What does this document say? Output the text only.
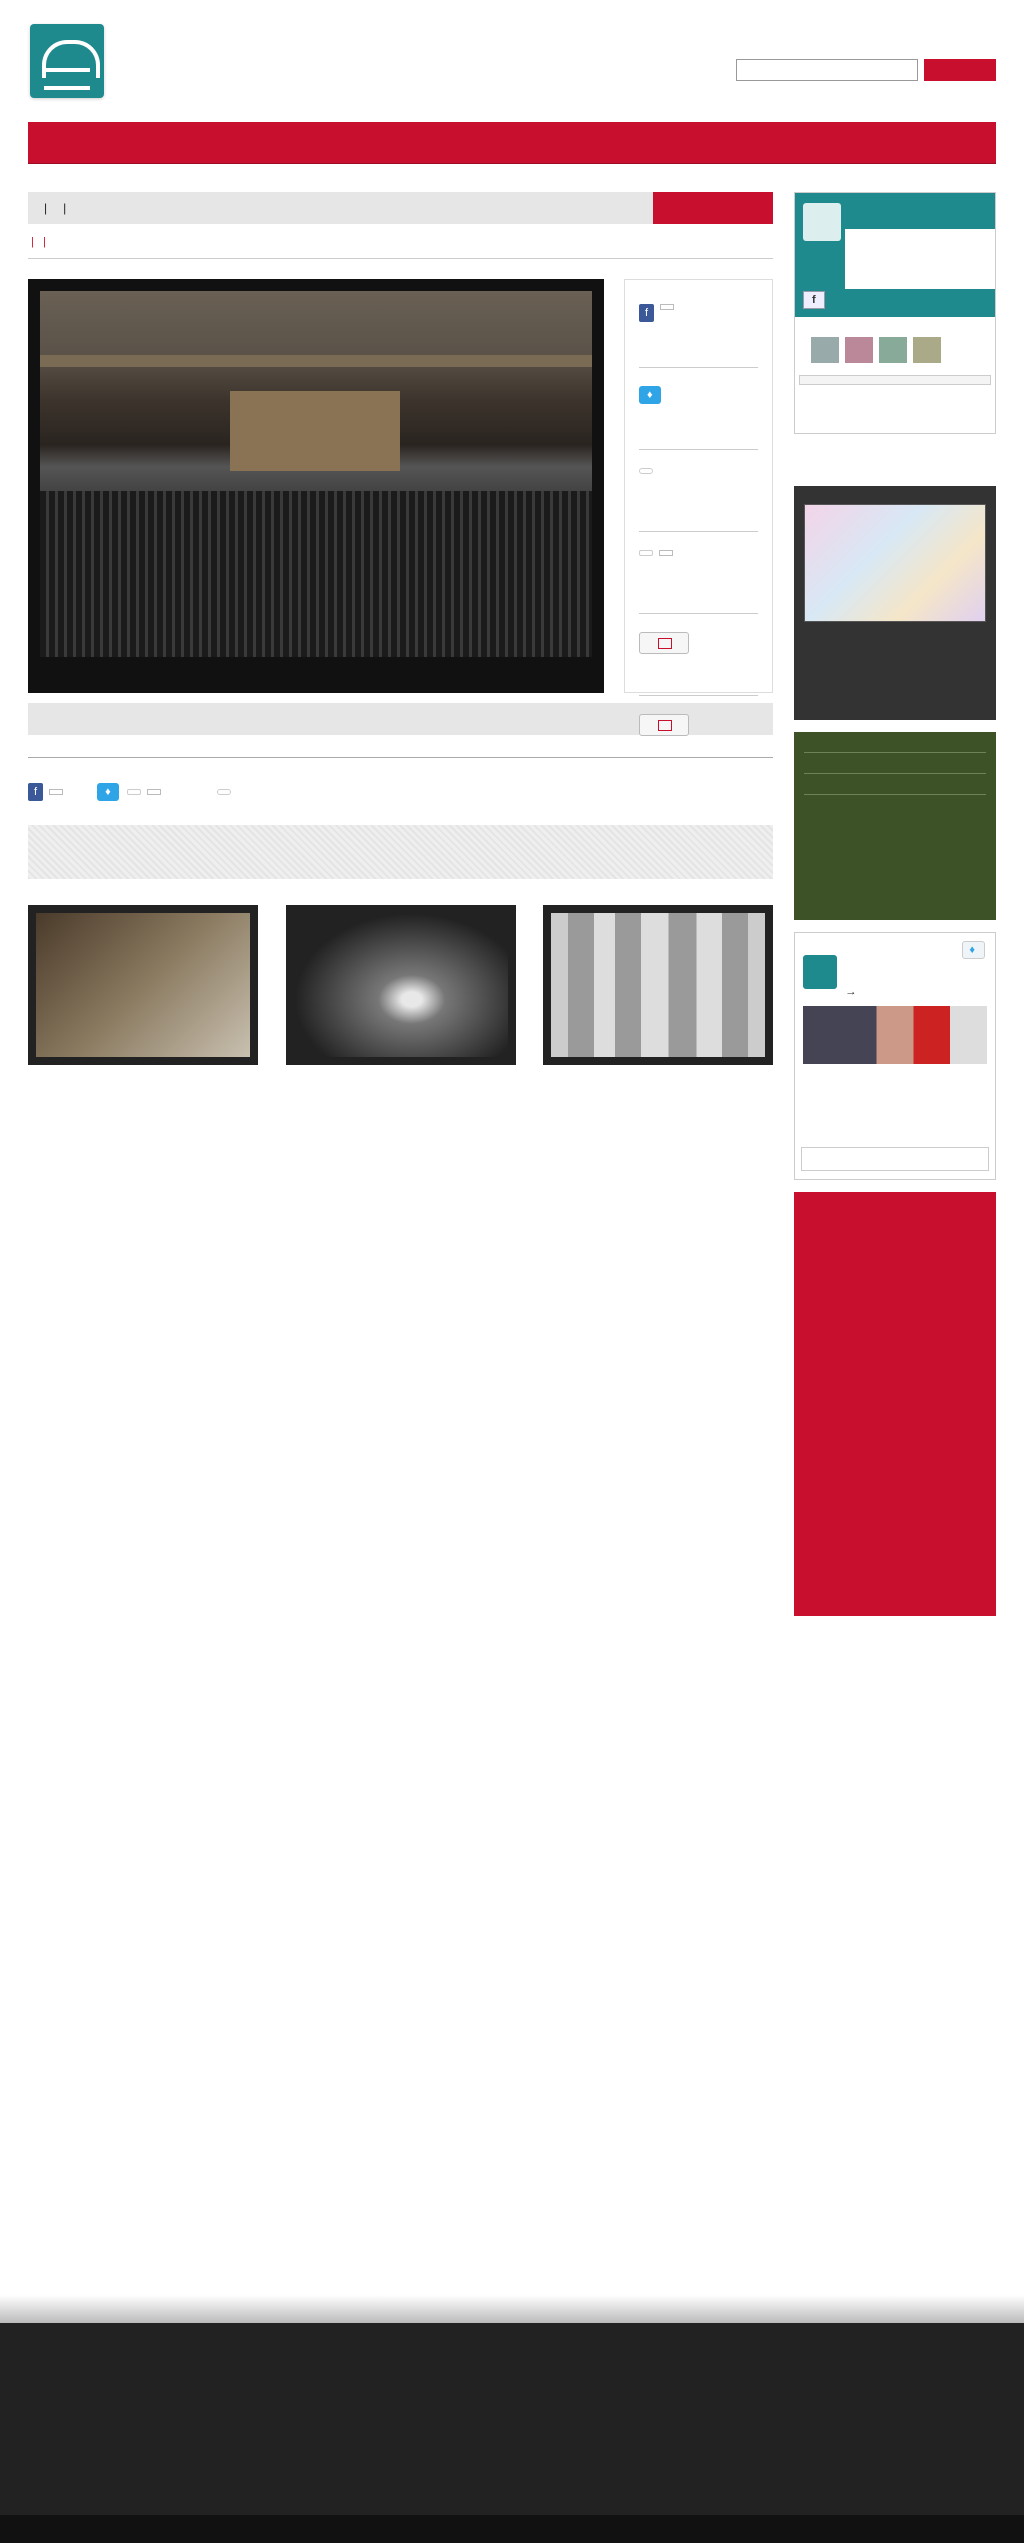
| |
|   |

f
♦
f	♦
f
♦

→
